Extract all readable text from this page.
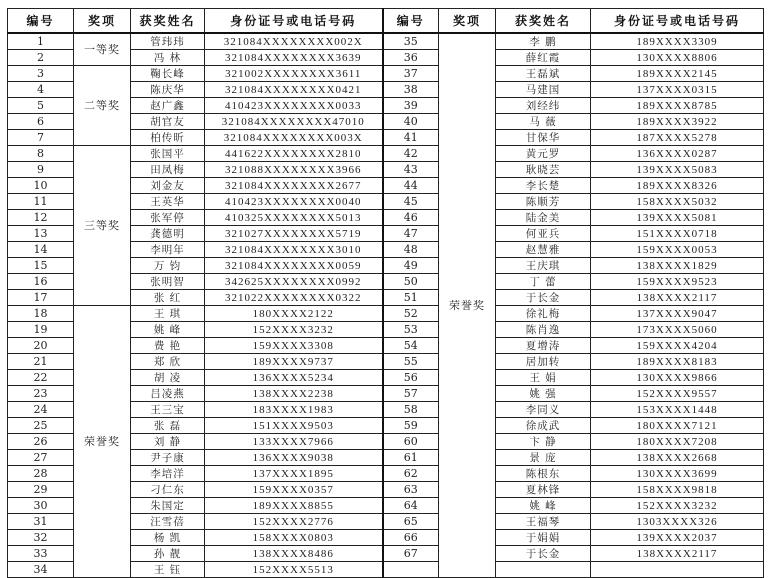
编号	奖项	获奖姓名	身份证号或电话号码	编号	奖项	获奖姓名	身份证号或电话号码
1	一等奖	管玮玮	321084XXXXXXXX002X	35	荣誉奖	李 鹏	189XXXX3309
2		冯 林	321084XXXXXXXX3639	36		薛红霞	130XXXX8806
3	二等奖	鞠长峰	321002XXXXXXXX3611	37		王磊斌	189XXXX2145
4		陈庆华	321084XXXXXXXX0421	38		马建国	137XXXX0315
5		赵广鑫	410423XXXXXXXX0033	39		刘经纬	189XXXX8785
6		胡官友	321084XXXXXXXX47010	40		马 薇	189XXXX3922
7		柏传昕	321084XXXXXXXX003X	41		甘保华	187XXXX5278
8	三等奖	张国平	441622XXXXXXXX2810	42		黄元罗	136XXXX0287
9		田凤梅	321088XXXXXXXX3966	43		耿晓芸	139XXXX5083
10		刘金友	321084XXXXXXXX2677	44		李长楚	189XXXX8326
11		王英华	410423XXXXXXXX0040	45		陈顺芳	158XXXX5032
12		张军停	410325XXXXXXXX5013	46		陆金美	139XXXX5081
13		龚德明	321027XXXXXXXX5719	47		何亚兵	151XXXX0718
14		李明年	321084XXXXXXXX3010	48		赵慧雅	159XXXX0053
15		万 钧	321084XXXXXXXX0059	49		王庆琪	138XXXX1829
16		张明智	342625XXXXXXXX0992	50		丁 蕾	159XXXX9523
17		张 红	321022XXXXXXXX0322	51		于长金	138XXXX2117
18	荣誉奖	王 琪	180XXXX2122	52		徐礼梅	137XXXX9047
19		姚 峰	152XXXX3232	53		陈肖逸	173XXXX5060
20		费 艳	159XXXX3308	54		夏增涛	159XXXX4204
21		郑 欣	189XXXX9737	55		居加转	189XXXX8183
22		胡 凌	136XXXX5234	56		王 娟	130XXXX9866
23		吕凌燕	138XXXX2238	57		姚 强	152XXXX9557
24		王三宝	183XXXX1983	58		李同义	153XXXX1448
25		张 磊	151XXXX9503	59		徐成武	180XXXX7121
26		刘 静	133XXXX7966	60		卞 静	180XXXX7208
27		尹子康	136XXXX9038	61		景 庞	138XXXX2668
28		李培洋	137XXXX1895	62		陈根东	130XXXX3699
29		刁仁东	159XXXX0357	63		夏林锋	158XXXX9818
30		朱国定	189XXXX8855	64		姚 峰	152XXXX3232
31		汪雪蓓	152XXXX2776	65		王福琴	1303XXXX326
32		杨 凯	158XXXX0803	66		于娟娟	139XXXX2037
33		孙 靓	138XXXX8486	67		于长金	138XXXX2117
34		王 钰	152XXXX5513				
